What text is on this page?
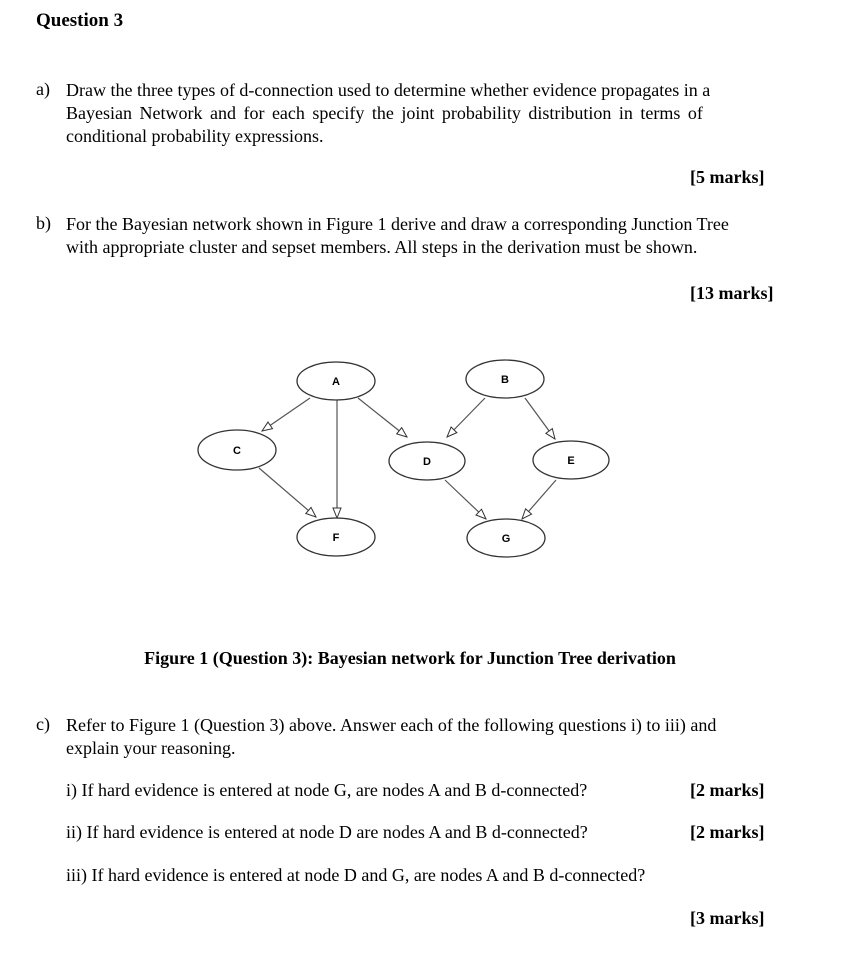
Question 3
a) Draw the three types of d-connection used to determine whether evidence propagates in a
Bayesian Network and for each specify the joint probability distribution in terms of
conditional probability expressions.
[5 marks]
b) For the Bayesian network shown in Figure 1 derive and draw a corresponding Junction Tree
with appropriate cluster and sepset members. All steps in the derivation must be shown.
[13 marks]
A	B
C
D	E
F	G
Figure 1 (Question 3): Bayesian network for Junction Tree derivation
c) Refer to Figure 1 (Question 3) above. Answer each of the following questions i) to iii) and
explain your reasoning.
i) If hard evidence is entered at node G, are nodes A and B d-connected?	[2 marks]
ii) If hard evidence is entered at node D are nodes A and B d-connected?	[2 marks]
iii) If hard evidence is entered at node D and G, are nodes A and B d-connected?
[3 marks]
